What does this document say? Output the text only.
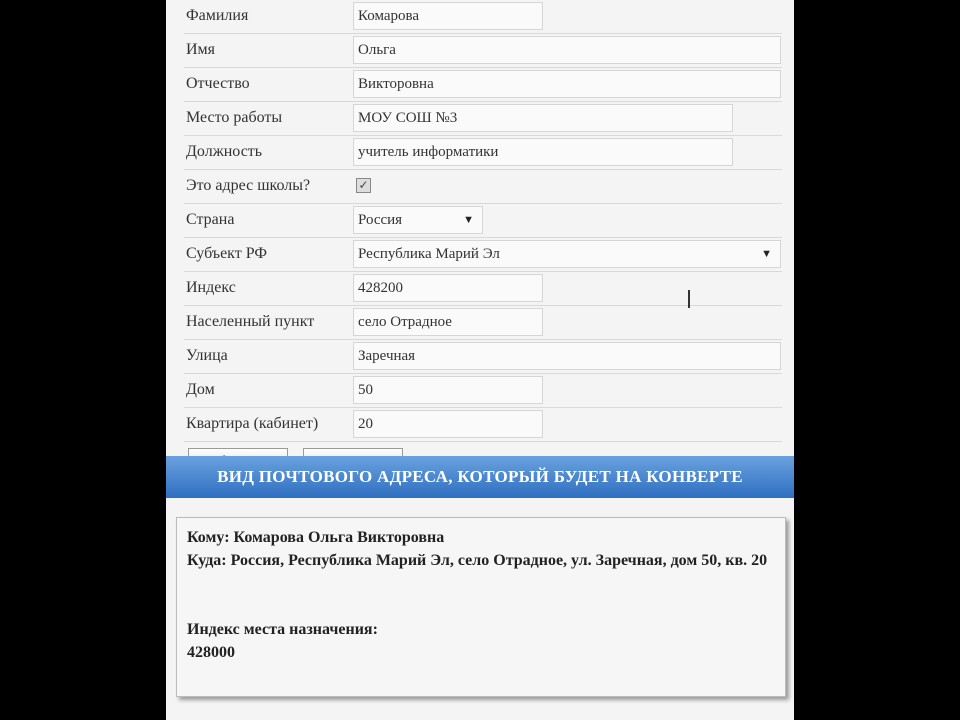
Фамилия	Комарова
Имя	Ольга
Отчество	Викторовна
Место работы	МОУ СОШ №3
Должность	учитель информатики
Это адрес школы?	✓
Страна	Россия	▼
Субъект РФ	Республика Марий Эл	▼
Индекс	428200
Населенный пункт	село Отрадное
Улица	Заречная
Дом	50
Квартира (кабинет)	20
ВИД ПОЧТОВОГО АДРЕСА, КОТОРЫЙ БУДЕТ НА КОНВЕРТЕ
Кому: Комарова Ольга Викторовна
Куда: Россия, Республика Марий Эл, село Отрадное, ул. Заречная, дом 50, кв. 20
Индекс места назначения:
428000
